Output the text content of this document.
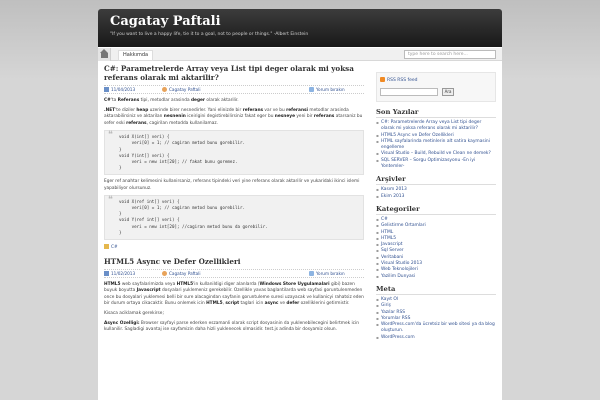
Cagatay Paftali
"If you want to live a happy life, tie it to a goal, not to people or things." -Albert Einstein
Hakkımda	type here to search here...
C#: Parametrelerde Array veya List tipi deger olarak mi yoksa referans olarak mi aktarilir?
11/04/2013	Cagatay Paftali	Yorum bırakın

C#'ta Referans tipi, metodlar arasinda deger olarak aktarilir.

.NET'te diziler heap uzerinde birer nesnedirler. Yani elinizde bir referans var ve bu referansi metodlar arasinda aktarabilirsiniz ve aktarilan nesnenin iceirigini degistirebilirsiniz fakat eger bu nesneye yeni bir referans atarsaniz bu sefer eski referans, cagirilan metodda kullanilamaz.

❝ void X(int[] veri) {
veri[0] = 1; // cagiran metod bunu gorebilir.
}
void Y(int[] veri) {
veri = new int[20]; // fakat bunu goremez.
}

Eger ref anahtar kelimesini kullanirsaniz, referans tipindeki veri yine referans olarak aktarilir ve yukaridaki ikinci islemi yapabiliyor olursunuz.

❝ void X(ref int[] veri) {
veri[0] = 1; // cagiran metod bunu gorebilir.
}
void Y(ref int[] veri) {
veri = new int[20]; //cagiran metod bunu da gorebilir.
}
C#
HTML5 Async ve Defer Ozellikleri
11/02/2013	Cagatay Paftali	Yorum bırakın

HTML5 web sayfalarimizda veya HTML5'in kullanildigi diger alanlarda (Windows Store Uygulamalari gibi) bazen buyuk boyutta Javascript dosyalari yuklemeniz gerekebilir. Ozellikle yavas baglantilarda web sayfasi goruntulenmeden once bu dosyalari yuklemesi belli bir sure alacagindan sayfanin goruntuleme suresi uzayacak ve kullanicyi rahatsiz eden bir durum ortaya cikacaktir. Bunu onlemek icin HTML5, script taglari icin async ve defer ozelliklerini getirmistir.

Kisaca aciklamak gerekirse;

Async Ozelligi: Browser sayfayi parse ederken eszamanli olarak script dosyasinin da yuklenebilecegini belirtmek icin kullanilir. Sagladigi avantaj ise sayfamizin daha hizli yuklenecek olmasidir. test.js adinda bir dosyamiz olsun.

RSS RSS feed
Ara
Son Yazılar
▪ C#: Parametrelerde Array veya List tipi deger olarak mi yoksa referans olarak mi aktarilir?
▪ HTML5 Async ve Defer Ozellikleri
▪ HTML sayfalarinda metinlerin alt satira kaymasini engelleme
▪ Visual Studio – Build, Rebuild ve Clean ne demek?
▪ SQL SERVER – Sorgu Optimizasyonu -En iyi Yontemler-
Arşivler
▪ Kasım 2013
▪ Ekim 2013
Kategoriler
▪ C#
▪ Gelistirme Ortamlari
▪ HTML
▪ HTML5
▪ Javascript
▪ Sql Server
▪ Veritabani
▪ Visual Studio 2013
▪ Web Teknolojileri
▪ Yazilim Dunyasi
Meta
▪ Kayıt Ol
▪ Giriş
▪ Yazılar RSS
▪ Yorumlar RSS
▪ WordPress.com'da ücretsiz bir web sitesi ya da blog oluşturun.
▪ WordPress.com
